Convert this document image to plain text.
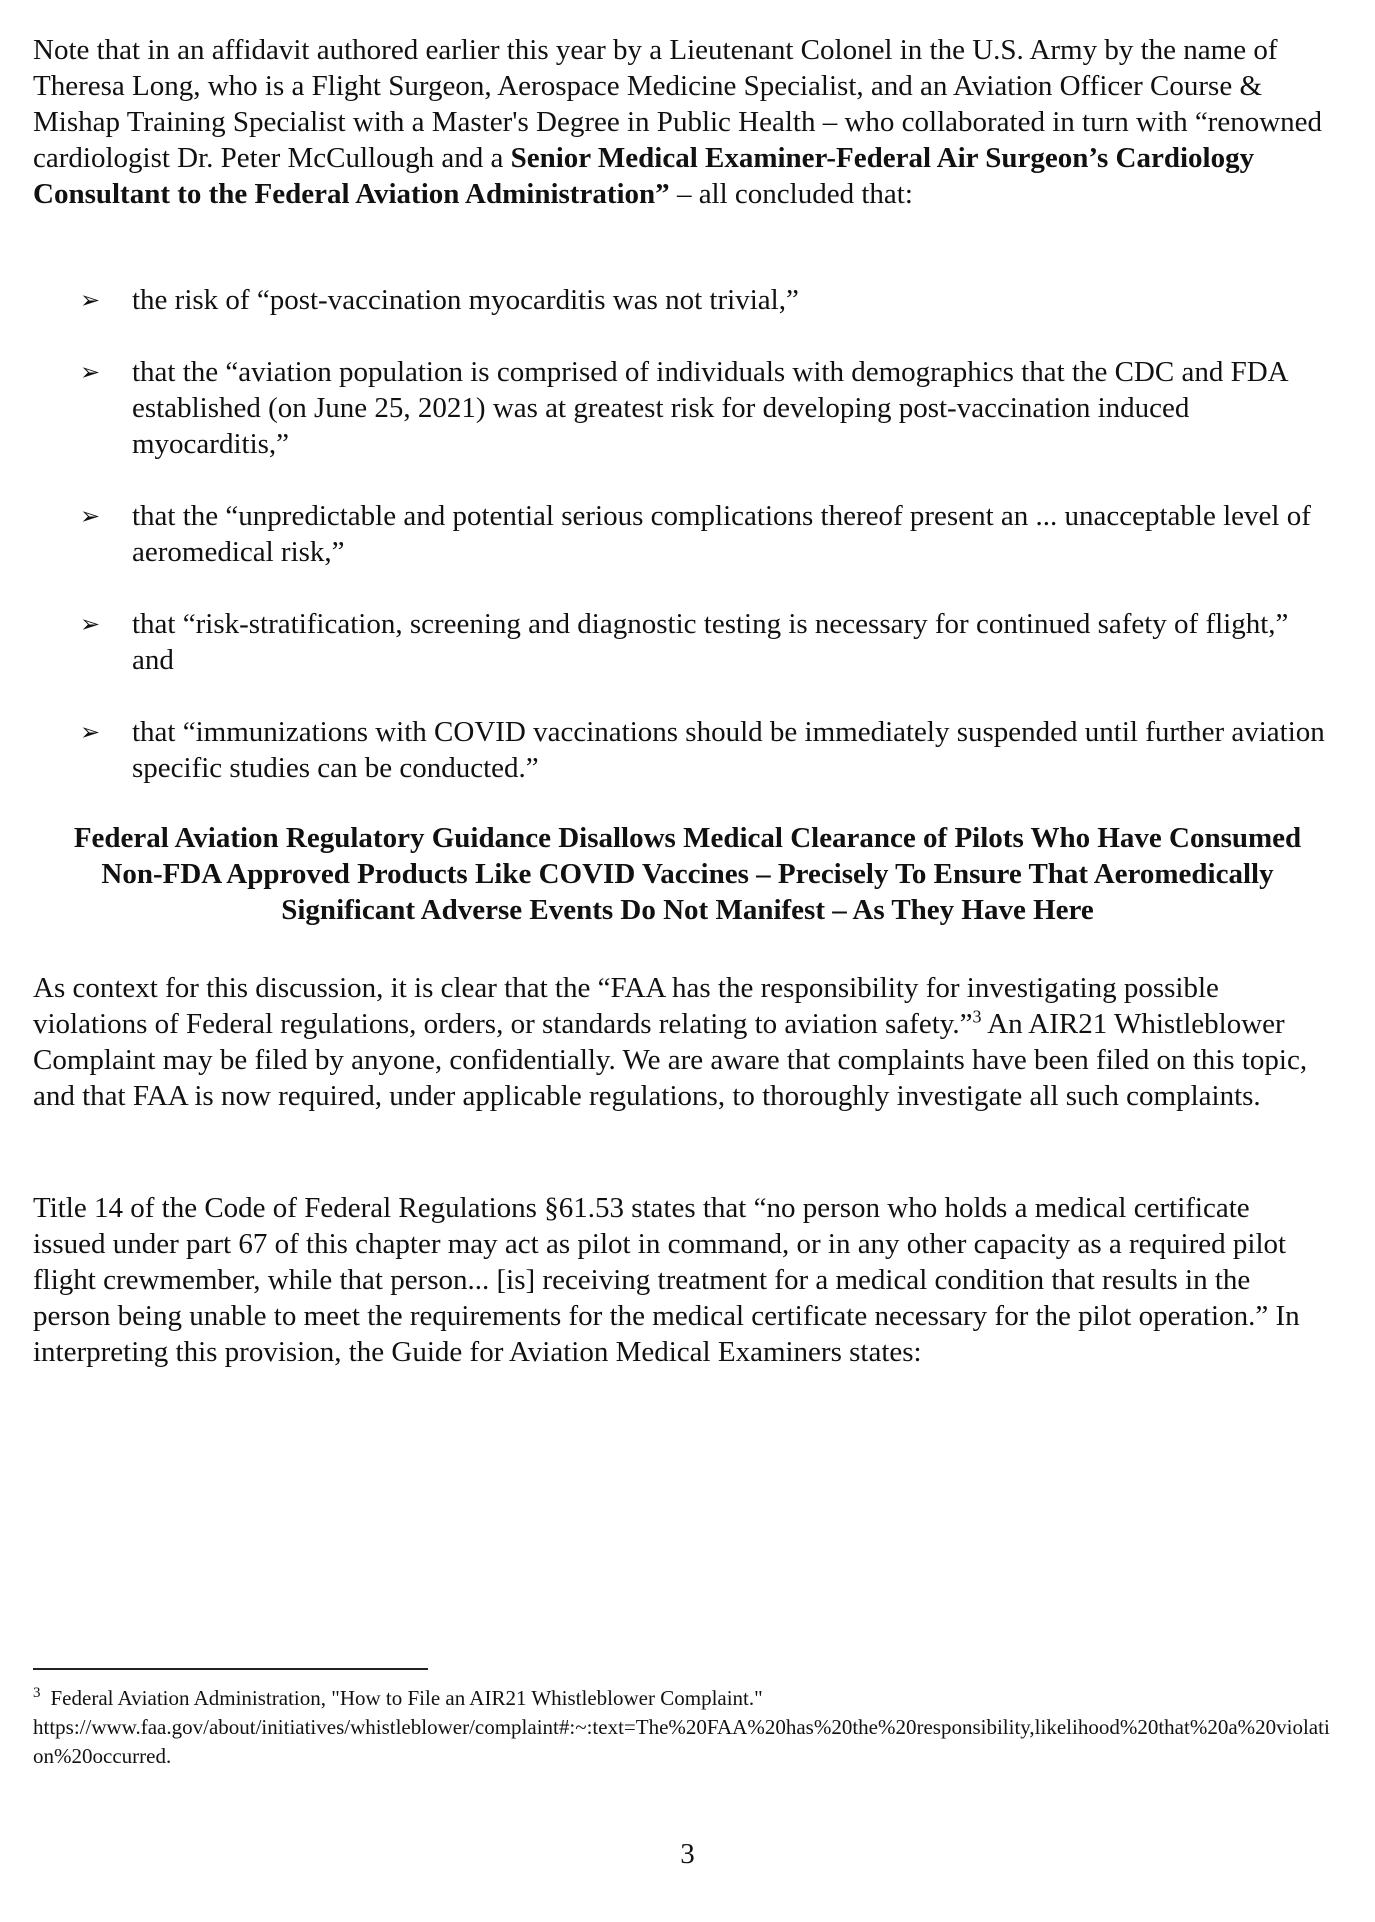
Note that in an affidavit authored earlier this year by a Lieutenant Colonel in the U.S. Army by the name of Theresa Long, who is a Flight Surgeon, Aerospace Medicine Specialist, and an Aviation Officer Course & Mishap Training Specialist with a Master's Degree in Public Health – who collaborated in turn with “renowned cardiologist Dr. Peter McCullough and a Senior Medical Examiner-Federal Air Surgeon’s Cardiology Consultant to the Federal Aviation Administration” – all concluded that:

➢ the risk of “post-vaccination myocarditis was not trivial,”
➢ that the “aviation population is comprised of individuals with demographics that the CDC and FDA established (on June 25, 2021) was at greatest risk for developing post-vaccination induced myocarditis,”
➢ that the “unpredictable and potential serious complications thereof present an ... unacceptable level of aeromedical risk,”
➢ that “risk-stratification, screening and diagnostic testing is necessary for continued safety of flight,” and
➢ that “immunizations with COVID vaccinations should be immediately suspended until further aviation specific studies can be conducted.”

Federal Aviation Regulatory Guidance Disallows Medical Clearance of Pilots Who Have Consumed Non-FDA Approved Products Like COVID Vaccines – Precisely To Ensure That Aeromedically Significant Adverse Events Do Not Manifest – As They Have Here

As context for this discussion, it is clear that the “FAA has the responsibility for investigating possible violations of Federal regulations, orders, or standards relating to aviation safety.”$^3$ An AIR21 Whistleblower Complaint may be filed by anyone, confidentially. We are aware that complaints have been filed on this topic, and that FAA is now required, under applicable regulations, to thoroughly investigate all such complaints.

Title 14 of the Code of Federal Regulations §61.53 states that “no person who holds a medical certificate issued under part 67 of this chapter may act as pilot in command, or in any other capacity as a required pilot flight crewmember, while that person... [is] receiving treatment for a medical condition that results in the person being unable to meet the requirements for the medical certificate necessary for the pilot operation.” In interpreting this provision, the Guide for Aviation Medical Examiners states:

$^3$ Federal Aviation Administration, "How to File an AIR21 Whistleblower Complaint."
https://www.faa.gov/about/initiatives/whistleblower/complaint#:~:text=The%20FAA%20has%20the%20responsibility,likelihood%20that%20a%20violation%20occurred.

3
